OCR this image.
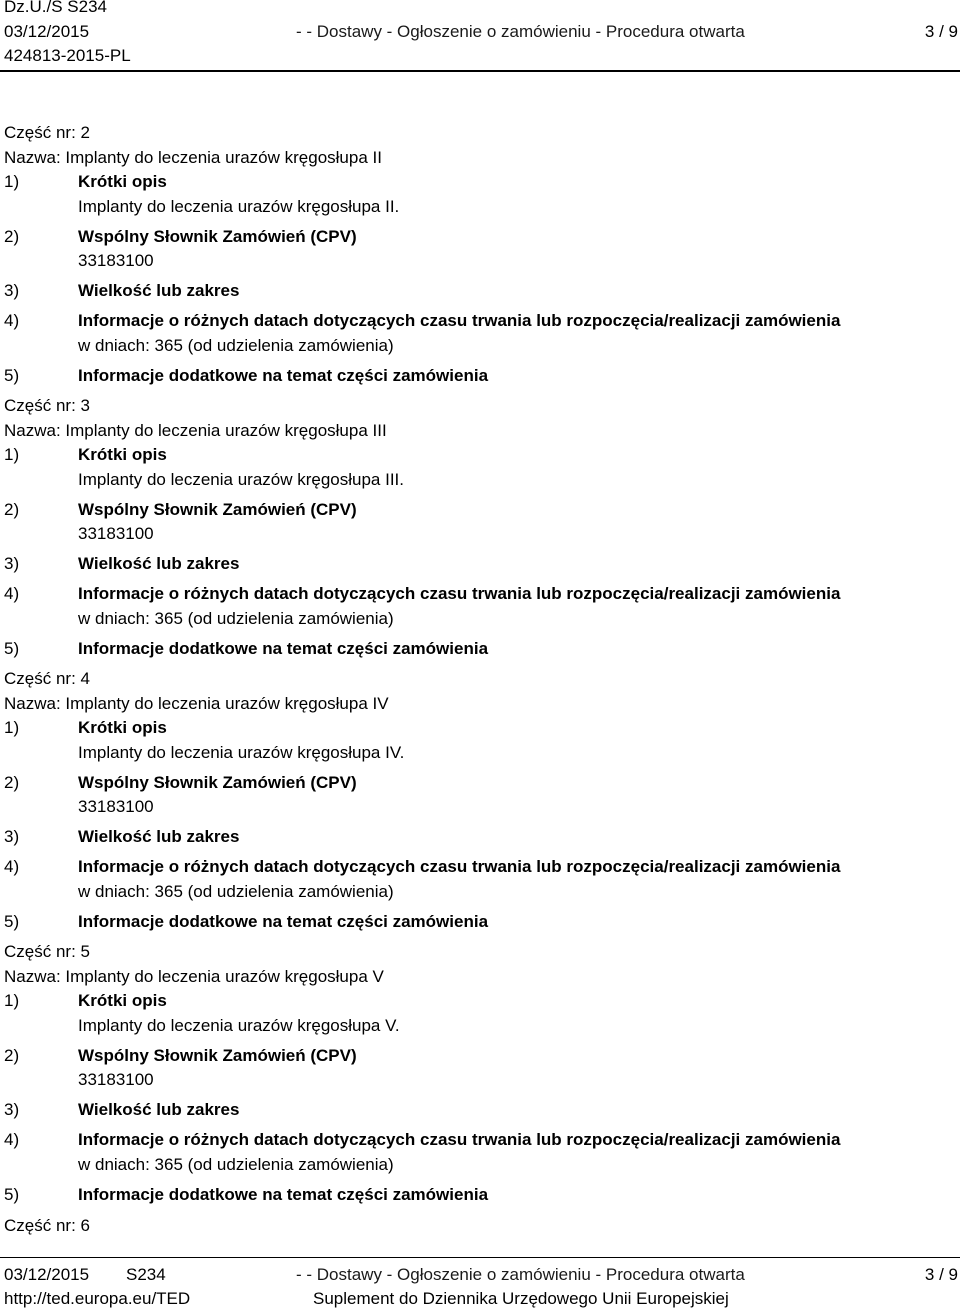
Dz.U./S S234
03/12/2015	- - Dostawy - Ogłoszenie o zamówieniu - Procedura otwarta	3 / 9
424813-2015-PL
Część nr: 2
Nazwa: Implanty do leczenia urazów kręgosłupa II
1)	Krótki opis
Implanty do leczenia urazów kręgosłupa II.
2)	Wspólny Słownik Zamówień (CPV)
33183100
3)	Wielkość lub zakres
4)	Informacje o różnych datach dotyczących czasu trwania lub rozpoczęcia/realizacji zamówienia
w dniach: 365 (od udzielenia zamówienia)
5)	Informacje dodatkowe na temat części zamówienia
Część nr: 3
Nazwa: Implanty do leczenia urazów kręgosłupa III
1)	Krótki opis
Implanty do leczenia urazów kręgosłupa III.
2)	Wspólny Słownik Zamówień (CPV)
33183100
3)	Wielkość lub zakres
4)	Informacje o różnych datach dotyczących czasu trwania lub rozpoczęcia/realizacji zamówienia
w dniach: 365 (od udzielenia zamówienia)
5)	Informacje dodatkowe na temat części zamówienia
Część nr: 4
Nazwa: Implanty do leczenia urazów kręgosłupa IV
1)	Krótki opis
Implanty do leczenia urazów kręgosłupa IV.
2)	Wspólny Słownik Zamówień (CPV)
33183100
3)	Wielkość lub zakres
4)	Informacje o różnych datach dotyczących czasu trwania lub rozpoczęcia/realizacji zamówienia
w dniach: 365 (od udzielenia zamówienia)
5)	Informacje dodatkowe na temat części zamówienia
Część nr: 5
Nazwa: Implanty do leczenia urazów kręgosłupa V
1)	Krótki opis
Implanty do leczenia urazów kręgosłupa V.
2)	Wspólny Słownik Zamówień (CPV)
33183100
3)	Wielkość lub zakres
4)	Informacje o różnych datach dotyczących czasu trwania lub rozpoczęcia/realizacji zamówienia
w dniach: 365 (od udzielenia zamówienia)
5)	Informacje dodatkowe na temat części zamówienia
Część nr: 6
03/12/2015 S234	- - Dostawy - Ogłoszenie o zamówieniu - Procedura otwarta	3 / 9
http://ted.europa.eu/TED	Suplement do Dziennika Urzędowego Unii Europejskiej
